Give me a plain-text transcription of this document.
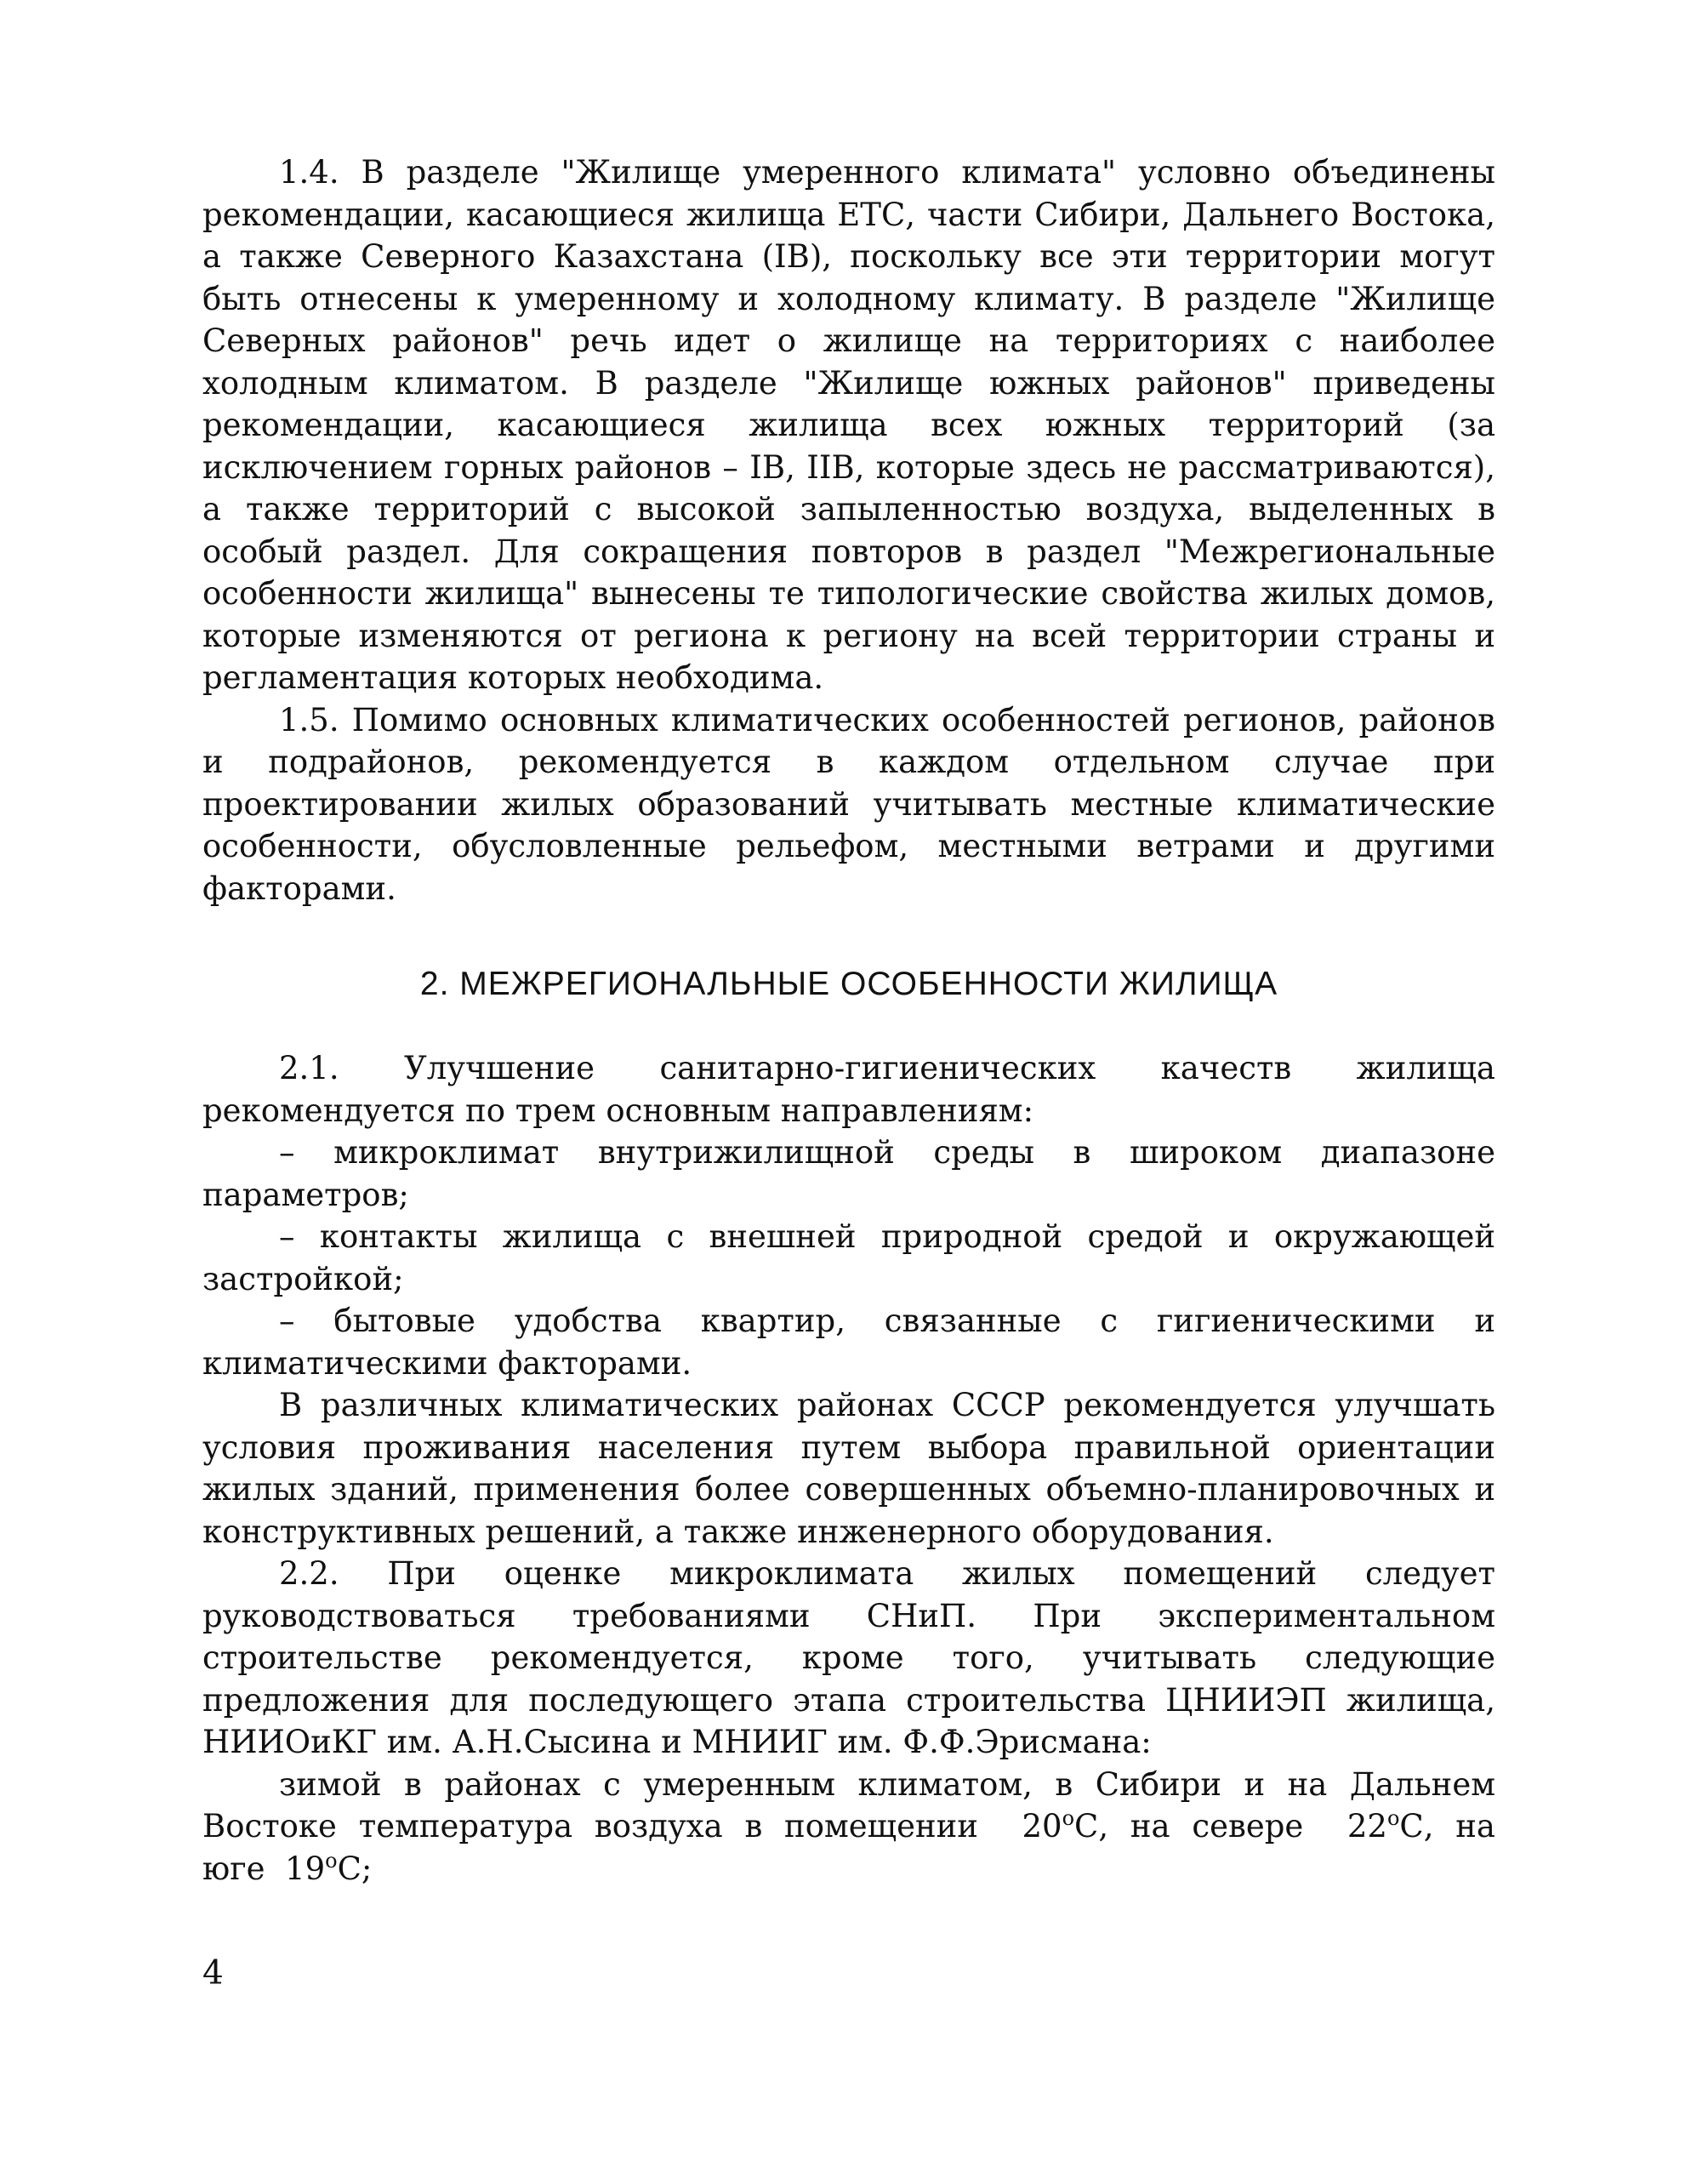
1.4. В разделе "Жилище умеренного климата" условно объединены рекомендации, касающиеся жилища ЕТС, части Сибири, Дальнего Востока, а также Северного Казахстана (IВ), поскольку все эти территории могут быть отнесены к умеренному и холодному климату. В разделе "Жилище Северных районов" речь идет о жилище на территориях с наиболее холодным климатом. В разделе "Жилище южных районов" приведены рекомендации, касающиеся жилища всех южных территорий (за исключением горных районов – IВ, IIВ, которые здесь не рассматриваются), а также территорий с высокой запыленностью воздуха, выделенных в особый раздел. Для сокращения повторов в раздел "Межрегиональные особенности жилища" вынесены те типологические свойства жилых домов, которые изменяются от региона к региону на всей территории страны и регламентация которых необходима.

1.5. Помимо основных климатических особенностей регионов, районов и подрайонов, рекомендуется в каждом отдельном случае при проектировании жилых образований учитывать местные климатические особенности, обусловленные рельефом, местными ветрами и другими факторами.

2. МЕЖРЕГИОНАЛЬНЫЕ ОСОБЕННОСТИ ЖИЛИЩА

2.1. Улучшение санитарно-гигиенических качеств жилища рекомендуется по трем основным направлениям:

– микроклимат внутрижилищной среды в широком диапазоне параметров;

– контакты жилища с внешней природной средой и окружающей застройкой;

– бытовые удобства квартир, связанные с гигиеническими и климатическими факторами.

В различных климатических районах СССР рекомендуется улучшать условия проживания населения путем выбора правильной ориентации жилых зданий, применения более совершенных объемно-планировочных и конструктивных решений, а также инженерного оборудования.

2.2. При оценке микроклимата жилых помещений следует руководствоваться требованиями СНиП. При экспериментальном строительстве рекомендуется, кроме того, учитывать следующие предложения для последующего этапа строительства ЦНИИЭП жилища, НИИОиКГ им. А.Н.Сысина и МНИИГ им. Ф.Ф.Эрисмана:

зимой в районах с умеренным климатом, в Сибири и на Дальнем Востоке температура воздуха в помещении $20^оС$, на севере $22^оС$, на юге $19^оС$;

4
